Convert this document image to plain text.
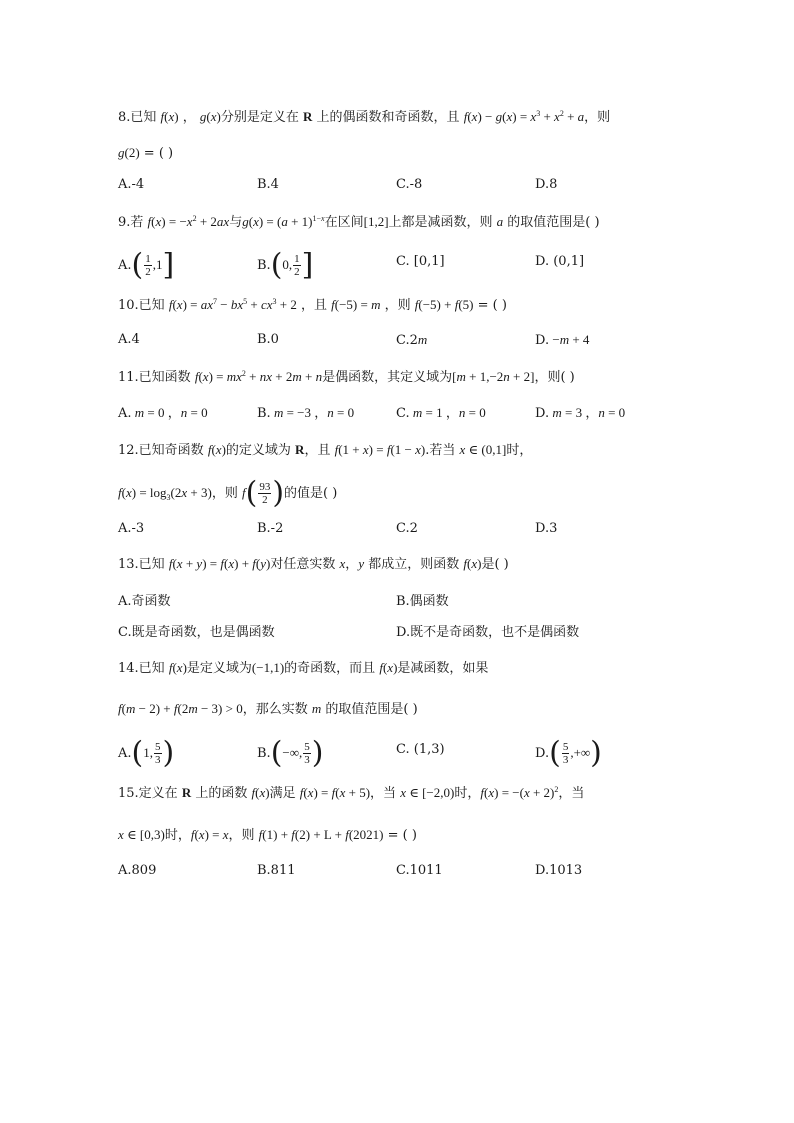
8.已知 f(x) ， g(x)分别是定义在 R 上的偶函数和奇函数，且 $f(x) - g(x) = x^3 + x^2 + a$，则
g(2) = ( )
A.-4	B.4	C.-8	D.8
9.若 $f(x) = -x^2 + 2ax$与$g(x) = (a + 1)^{1-x}$在区间[1,2]上都是减函数，则 a 的取值范围是( )
$A.( \frac{1}{2} ,1]$	B.(0, $\frac{1}{2}$ ]	C. [0,1]	D. (0,1]
10.已知 $f(x) = ax^7 - bx^5 + cx^3 + 2$ ，且 f(−5) = m ，则 f(−5) + f(5) = ( )
A.4	B.0	C.2m	D. −m + 4
11.已知函数 $f(x) = mx^2$ + nx + 2m + n是偶函数，其定义域为[m + 1,−2n + 2]，则( )
A. m = 0 ，n = 0	B. m = −3 ，n = 0	C. m = 1 ，n = 0	D. m = 3 ，n = 0
12.已知奇函数 f(x)的定义域为 R，且 f(1 + x) = f(1 − x).若当 x ∈ (0,1]时，
$f(x) = \log_3(2x + 3)$，则 $f( \frac{93}{2}$ )的值是( )
A.-3	B.-2	C.2	D.3
13.已知 f(x + y) = f(x) + f(y)对任意实数 x，y 都成立，则函数 f(x)是( )
A.奇函数	B.偶函数
C.既是奇函数，也是偶函数	D.既不是奇函数，也不是偶函数
14.已知 f(x)是定义域为(−1,1)的奇函数，而且 f(x)是减函数，如果
f(m − 2) + f(2m − 3) > 0，那么实数 m 的取值范围是( )
A.(1, $\frac{5}{3}$ )	B.(−∞, $\frac{5}{3}$ )	C. (1,3)	$D.( \frac{5}{3}$ ,+∞)
15.定义在 R 上的函数 f(x)满足 f(x) = f(x + 5)，当 x ∈ [−2,0)时，$f(x) = -(x + 2)^2$，当
x ∈ [0,3)时，f(x) = x，则 f(1) + f(2) + L + f(2021) = ( )
A.809	B.811	C.1011	D.1013
